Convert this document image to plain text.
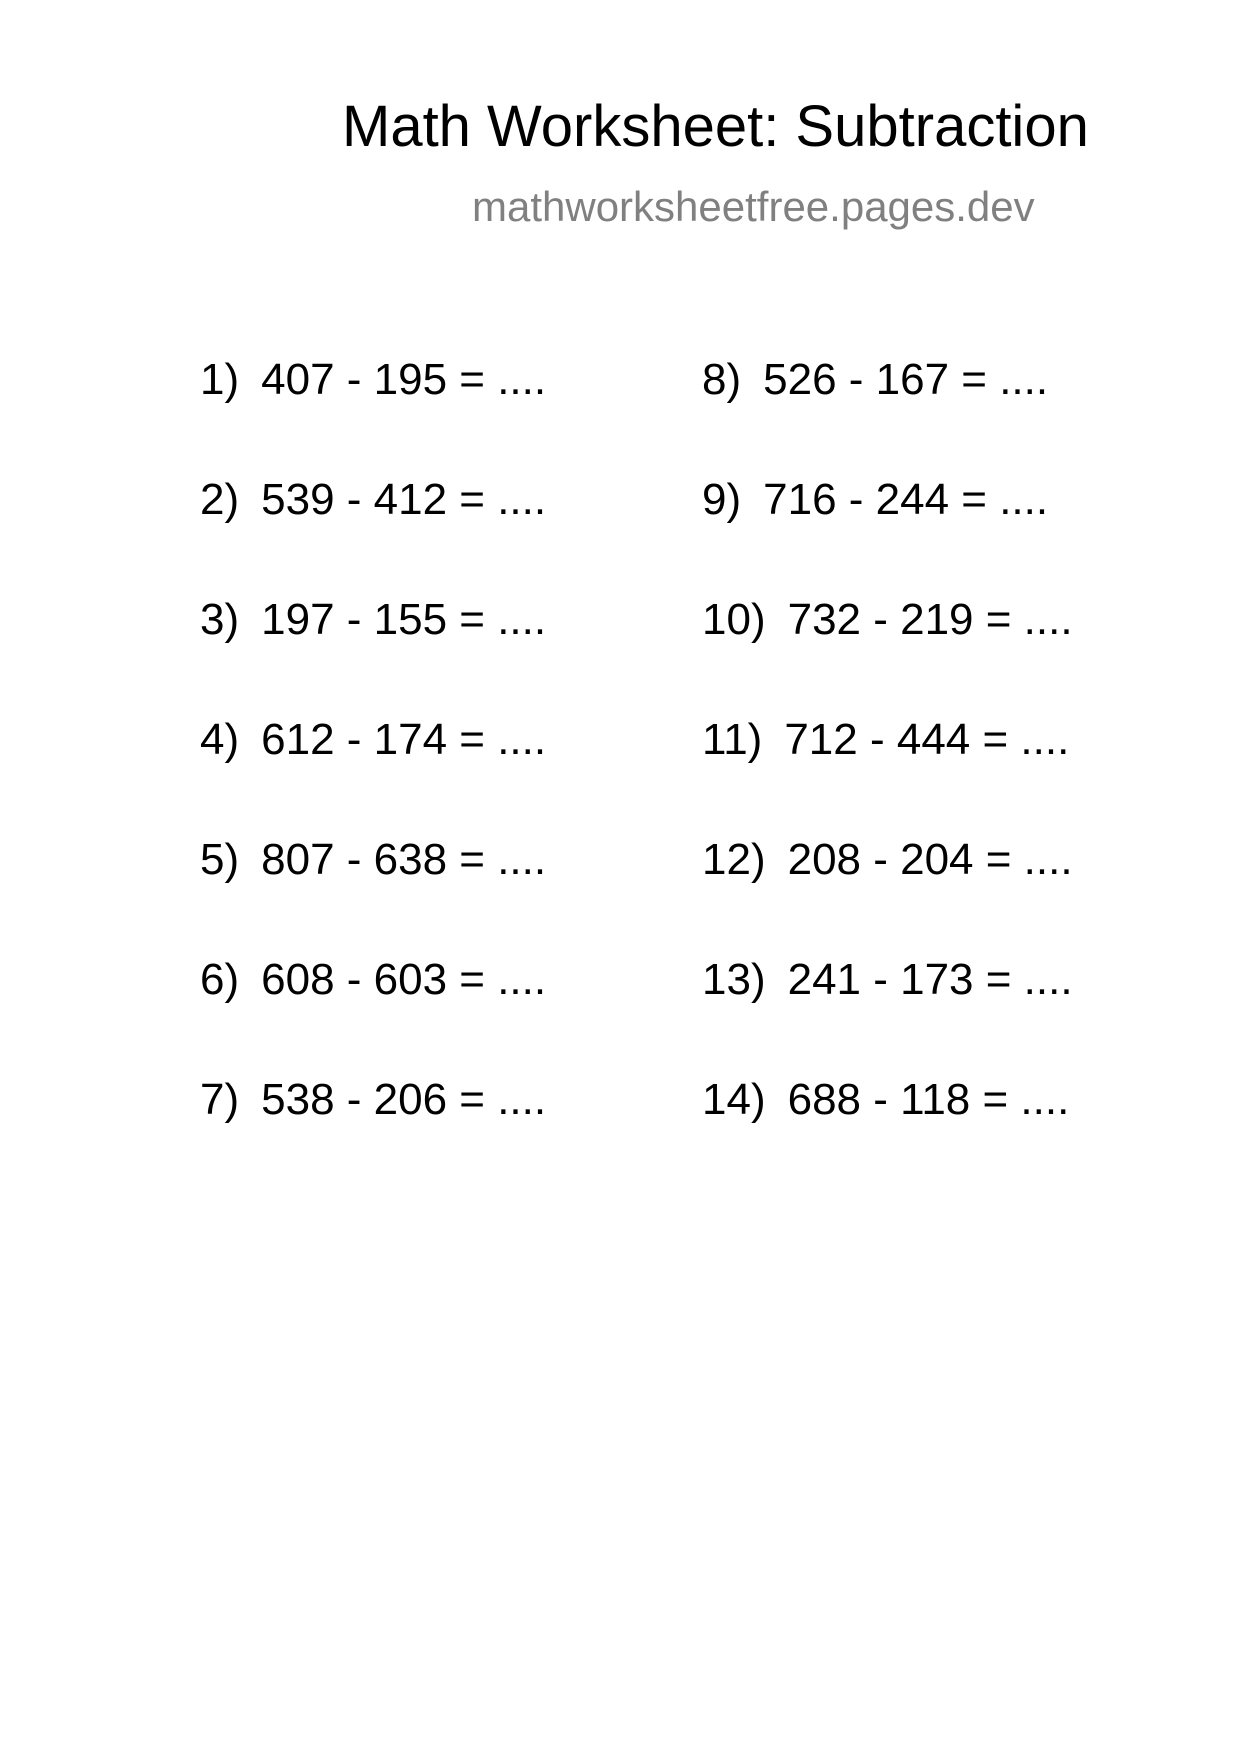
Math Worksheet: Subtraction
mathworksheetfree.pages.dev
1) 407 - 195 = ....
2) 539 - 412 = ....
3) 197 - 155 = ....
4) 612 - 174 = ....
5) 807 - 638 = ....
6) 608 - 603 = ....
7) 538 - 206 = ....
8) 526 - 167 = ....
9) 716 - 244 = ....
10) 732 - 219 = ....
11) 712 - 444 = ....
12) 208 - 204 = ....
13) 241 - 173 = ....
14) 688 - 118 = ....
